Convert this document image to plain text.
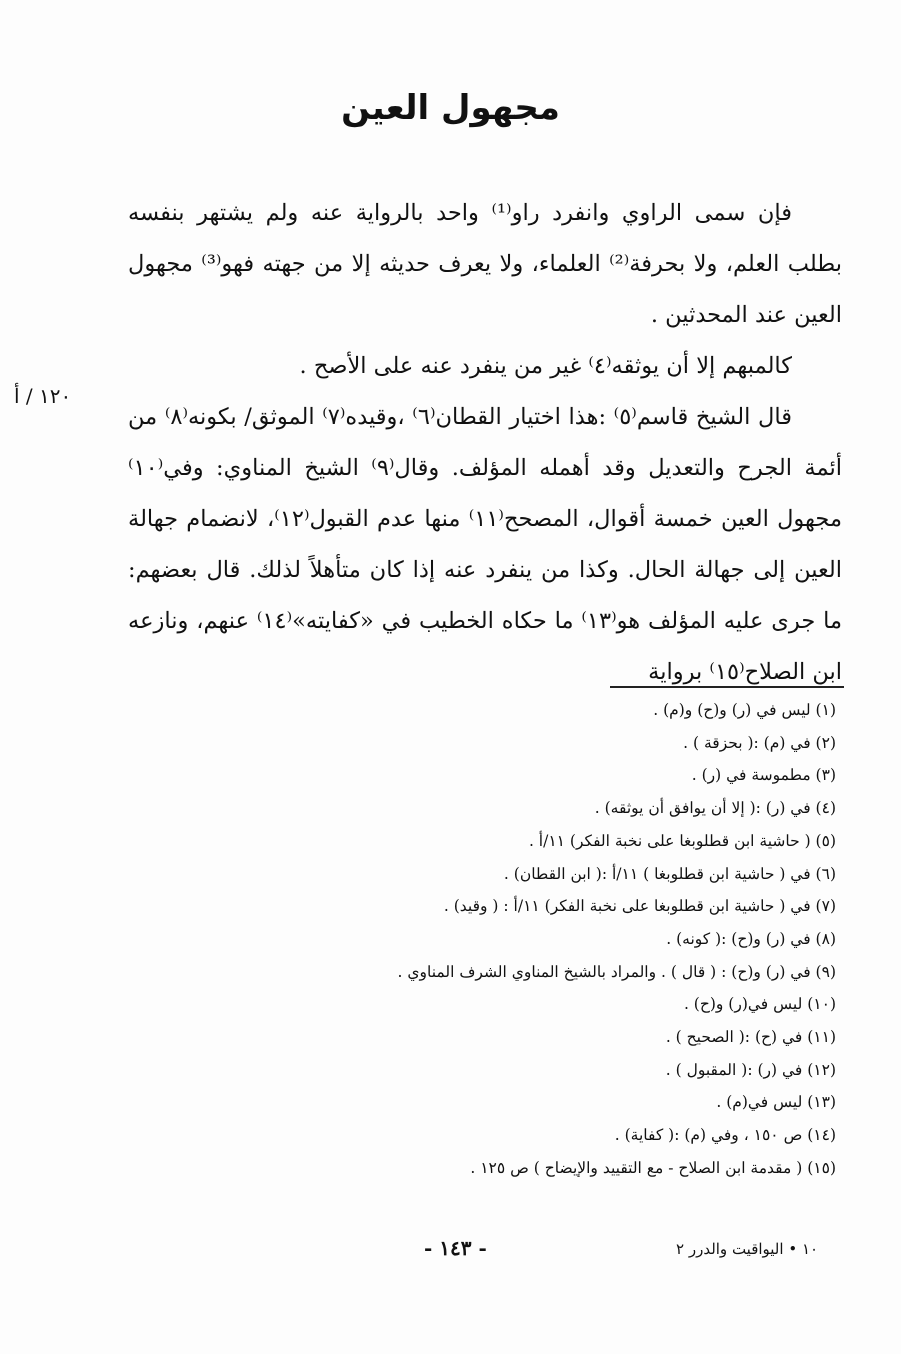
مجهول العين
١٢٠ / أ

فإن سمى الراوي وانفرد راو⁽¹⁾ واحد بالرواية عنه ولم يشتهر بنفسه بطلب العلم، ولا بحرفة⁽²⁾ العلماء، ولا يعرف حديثه إلا من جهته فهو⁽³⁾ مجهول العين عند المحدثين .

كالمبهم إلا أن يوثقه⁽٤⁾ غير من ينفرد عنه على الأصح .

قال الشيخ قاسم⁽٥⁾ :هذا اختيار القطان⁽٦⁾ ،وقيده⁽٧⁾ الموثق/ بكونه⁽٨⁾ من أئمة الجرح والتعديل وقد أهمله المؤلف. وقال⁽٩⁾ الشيخ المناوي: وفي⁽١٠⁾ مجهول العين خمسة أقوال، المصحح⁽١١⁾ منها عدم القبول⁽١٢⁾، لانضمام جهالة العين إلى جهالة الحال. وكذا من ينفرد عنه إذا كان متأهلاً لذلك. قال بعضهم: ما جرى عليه المؤلف هو⁽١٣⁾ ما حكاه الخطيب في «كفايته»⁽١٤⁾ عنهم، ونازعه ابن الصلاح⁽١٥⁾ برواية

(١) ليس في (ر) و(ح) و(م) .
(٢) في (م) :( بحزقة ) .
(٣) مطموسة في (ر) .
(٤) في (ر) :( إلا أن يوافق أن يوثقه) .
(٥) ( حاشية ابن قطلوبغا على نخبة الفكر) ١١/أ .
(٦) في ( حاشية ابن قطلوبغا ) ١١/أ :( ابن القطان) .
(٧) في ( حاشية ابن قطلوبغا على نخبة الفكر) ١١/أ : ( وقيد) .
(٨) في (ر) و(ح) :( كونه) .
(٩) في (ر) و(ح) : ( قال ) . والمراد بالشيخ المناوي الشرف المناوي .
(١٠) ليس في(ر) و(ح) .
(١١) في (ح) :( الصحيح ) .
(١٢) في (ر) :( المقبول ) .
(١٣) ليس في(م) .
(١٤) ص ١٥٠ ، وفي (م) :( كفاية) .
(١٥) ( مقدمة ابن الصلاح - مع التقييد والإيضاح ) ص ١٢٥ .
- ١٤٣ -	١٠ • اليواقيت والدرر ٢
